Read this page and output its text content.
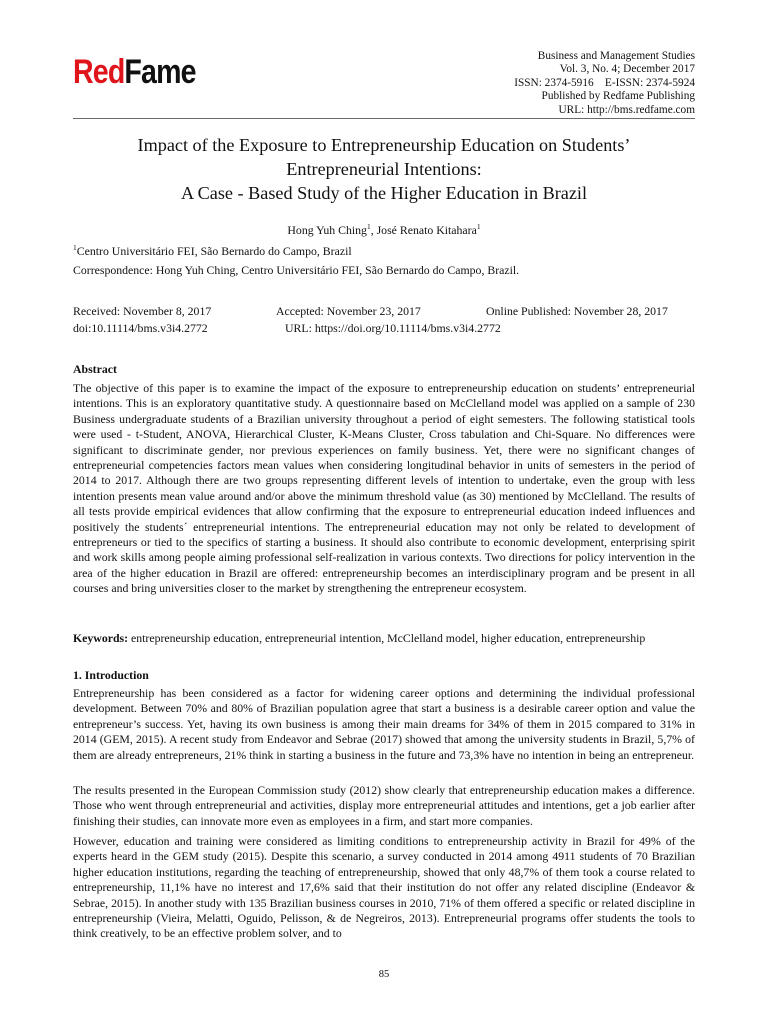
RedFame	Business and Management Studies
Vol. 3, No. 4; December 2017
ISSN: 2374-5916    E-ISSN: 2374-5924
Published by Redfame Publishing
URL: http://bms.redfame.com
Impact of the Exposure to Entrepreneurship Education on Students’
Entrepreneurial Intentions:
A Case - Based Study of the Higher Education in Brazil
Hong Yuh Ching$^1$, José Renato Kitahara$^1$
$^1$Centro Universitário FEI, São Bernardo do Campo, Brazil
Correspondence: Hong Yuh Ching, Centro Universitário FEI, São Bernardo do Campo, Brazil.
Received: November 8, 2017	Accepted: November 23, 2017	Online Published: November 28, 2017
doi:10.11114/bms.v3i4.2772	URL: https://doi.org/10.11114/bms.v3i4.2772
Abstract

The objective of this paper is to examine the impact of the exposure to entrepreneurship education on students’ entrepreneurial intentions. This is an exploratory quantitative study. A questionnaire based on McClelland model was applied on a sample of 230 Business undergraduate students of a Brazilian university throughout a period of eight semesters. The following statistical tools were used - t-Student, ANOVA, Hierarchical Cluster, K-Means Cluster, Cross tabulation and Chi-Square. No differences were significant to discriminate gender, nor previous experiences on family business. Yet, there were no significant changes of entrepreneurial competencies factors mean values when considering longitudinal behavior in units of semesters in the period of 2014 to 2017. Although there are two groups representing different levels of intention to undertake, even the group with less intention presents mean value around and/or above the minimum threshold value (as 30) mentioned by McClelland. The results of all tests provide empirical evidences that allow confirming that the exposure to entrepreneurial education indeed influences and positively the students´ entrepreneurial intentions. The entrepreneurial education may not only be related to development of entrepreneurs or tied to the specifics of starting a business. It should also contribute to economic development, enterprising spirit and work skills among people aiming professional self-realization in various contexts. Two directions for policy intervention in the area of the higher education in Brazil are offered: entrepreneurship becomes an interdisciplinary program and be present in all courses and bring universities closer to the market by strengthening the entrepreneur ecosystem.

Keywords: entrepreneurship education, entrepreneurial intention, McClelland model, higher education, entrepreneurship

1. Introduction

Entrepreneurship has been considered as a factor for widening career options and determining the individual professional development. Between 70% and 80% of Brazilian population agree that start a business is a desirable career option and value the entrepreneur’s success. Yet, having its own business is among their main dreams for 34% of them in 2015 compared to 31% in 2014 (GEM, 2015). A recent study from Endeavor and Sebrae (2017) showed that among the university students in Brazil, 5,7% of them are already entrepreneurs, 21% think in starting a business in the future and 73,3% have no intention in being an entrepreneur.

The results presented in the European Commission study (2012) show clearly that entrepreneurship education makes a difference. Those who went through entrepreneurial and activities, display more entrepreneurial attitudes and intentions, get a job earlier after finishing their studies, can innovate more even as employees in a firm, and start more companies.

However, education and training were considered as limiting conditions to entrepreneurship activity in Brazil for 49% of the experts heard in the GEM study (2015). Despite this scenario, a survey conducted in 2014 among 4911 students of 70 Brazilian higher education institutions, regarding the teaching of entrepreneurship, showed that only 48,7% of them took a course related to entrepreneurship, 11,1% have no interest and 17,6% said that their institution do not offer any related discipline (Endeavor & Sebrae, 2015). In another study with 135 Brazilian business courses in 2010, 71% of them offered a specific or related discipline in entrepreneurship (Vieira, Melatti, Oguido, Pelisson, & de Negreiros, 2013). Entrepreneurial programs offer students the tools to think creatively, to be an effective problem solver, and to

85
